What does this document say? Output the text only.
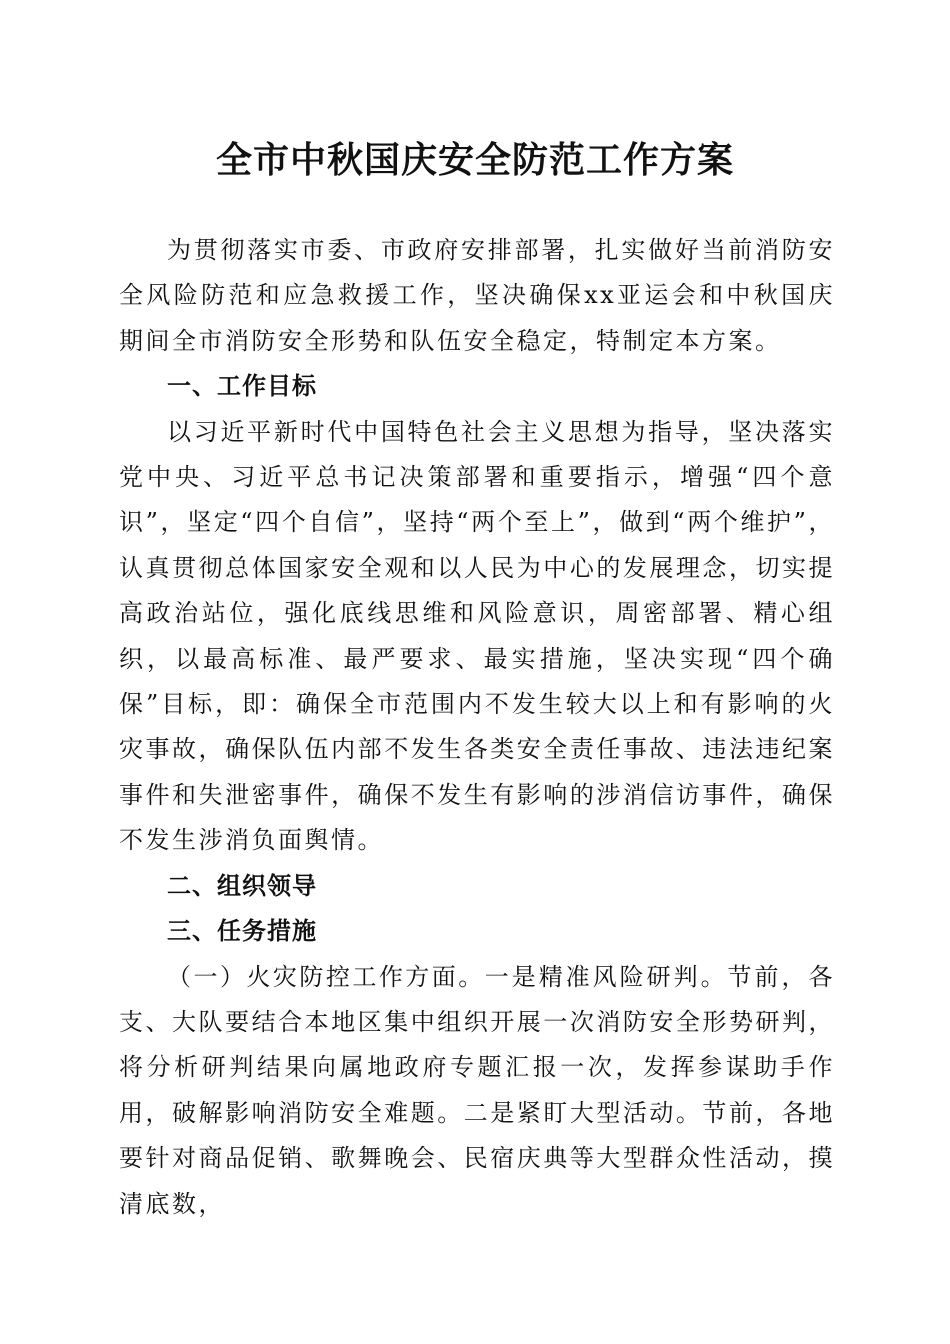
全市中秋国庆安全防范工作方案

为贯彻落实市委、市政府安排部署，扎实做好当前消防安全风险防范和应急救援工作，坚决确保xx亚运会和中秋国庆期间全市消防安全形势和队伍安全稳定，特制定本方案。

一、工作目标

以习近平新时代中国特色社会主义思想为指导，坚决落实党中央、习近平总书记决策部署和重要指示，增强“四个意识”，坚定“四个自信”，坚持“两个至上”，做到“两个维护”，认真贯彻总体国家安全观和以人民为中心的发展理念，切实提高政治站位，强化底线思维和风险意识，周密部署、精心组织，以最高标准、最严要求、最实措施，坚决实现“四个确保”目标，即：确保全市范围内不发生较大以上和有影响的火灾事故，确保队伍内部不发生各类安全责任事故、违法违纪案事件和失泄密事件，确保不发生有影响的涉消信访事件，确保不发生涉消负面舆情。

二、组织领导

三、任务措施

（一）火灾防控工作方面。一是精准风险研判。节前，各支、大队要结合本地区集中组织开展一次消防安全形势研判，将分析研判结果向属地政府专题汇报一次，发挥参谋助手作用，破解影响消防安全难题。二是紧盯大型活动。节前，各地要针对商品促销、歌舞晚会、民宿庆典等大型群众性活动，摸清底数，
